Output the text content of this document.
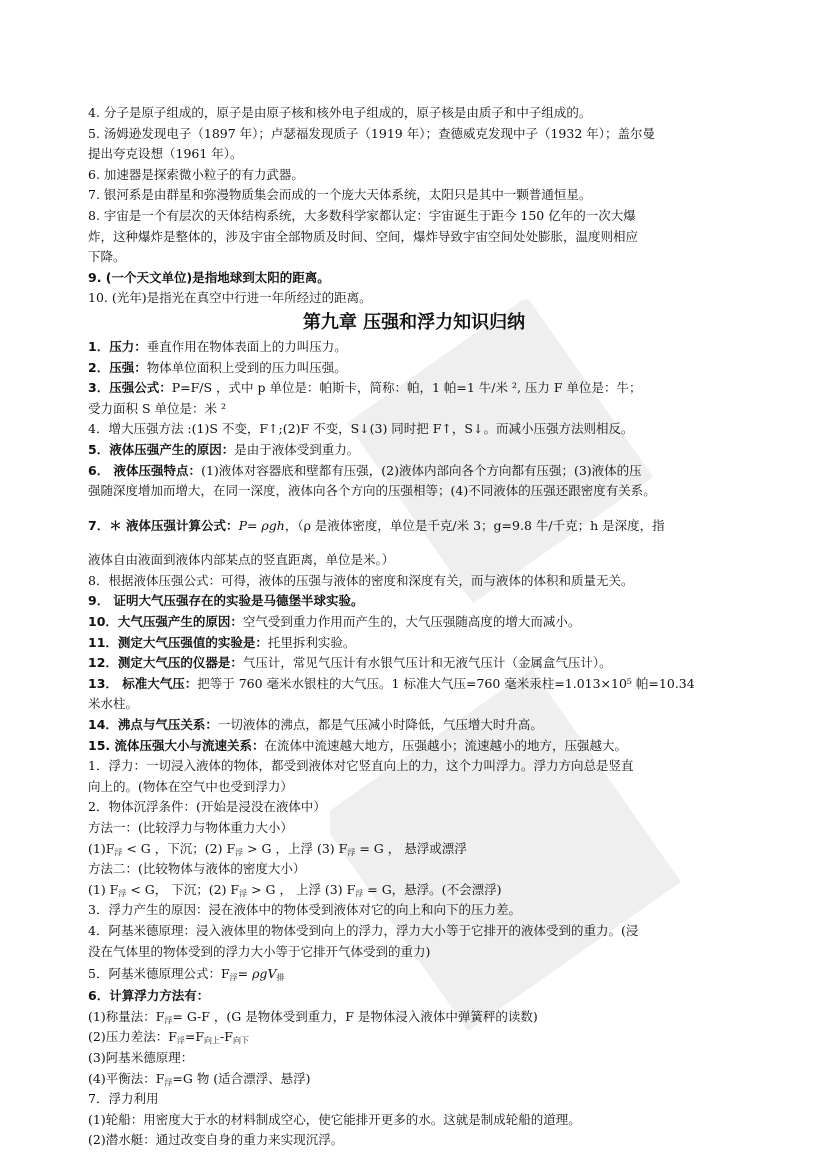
4. 分子是原子组成的，原子是由原子核和核外电子组成的，原子核是由质子和中子组成的。
5. 汤姆逊发现电子（1897 年）；卢瑟福发现质子（1919 年）；查德威克发现中子（1932 年）；盖尔曼
提出夸克设想（1961 年）。
6. 加速器是探索微小粒子的有力武器。
7. 银河系是由群星和弥漫物质集会而成的一个庞大天体系统，太阳只是其中一颗普通恒星。
8. 宇宙是一个有层次的天体结构系统，大多数科学家都认定：宇宙诞生于距今 150 亿年的一次大爆
炸，这种爆炸是整体的，涉及宇宙全部物质及时间、空间，爆炸导致宇宙空间处处膨胀，温度则相应
下降。
9. (一个天文单位)是指地球到太阳的距离。
10. (光年)是指光在真空中行进一年所经过的距离。
第九章 压强和浮力知识归纳
1．压力：垂直作用在物体表面上的力叫压力。
2．压强：物体单位面积上受到的压力叫压强。
3．压强公式：P=F/S ，式中 p 单位是：帕斯卡，简称：帕，1 帕=1 牛/米 ², 压力 F 单位是：牛；
受力面积 S 单位是：米 ²
4．增大压强方法 :(1)S 不变，F↑;(2)F 不变，S↓(3) 同时把 F↑，S↓。而减小压强方法则相反。
5．液体压强产生的原因：是由于液体受到重力。
6． 液体压强特点：(1)液体对容器底和壁都有压强，(2)液体内部向各个方向都有压强；(3)液体的压
强随深度增加而增大，在同一深度，液体向各个方向的压强相等；(4)不同液体的压强还跟密度有关系。
7．＊ 液体压强计算公式：P= ρgh，（ρ 是液体密度，单位是千克/米 3；g=9.8 牛/千克；h 是深度，指
液体自由液面到液体内部某点的竖直距离，单位是米。）
8．根据液体压强公式：可得，液体的压强与液体的密度和深度有关，而与液体的体积和质量无关。
9． 证明大气压强存在的实验是马德堡半球实验。
10．大气压强产生的原因：空气受到重力作用而产生的，大气压强随高度的增大而减小。
11．测定大气压强值的实验是：托里拆利实验。
12．测定大气压的仪器是：气压计，常见气压计有水银气压计和无液气压计（金属盒气压计）。
13． 标准大气压：把等于 760 毫米水银柱的大气压。1 标准大气压=760 毫米汞柱=1.013×10⁵ 帕=10.34
米水柱。
14．沸点与气压关系：一切液体的沸点，都是气压减小时降低，气压增大时升高。
15. 流体压强大小与流速关系：在流体中流速越大地方，压强越小；流速越小的地方，压强越大。
1．浮力：一切浸入液体的物体，都受到液体对它竖直向上的力，这个力叫浮力。浮力方向总是竖直
向上的。(物体在空气中也受到浮力）
2．物体沉浮条件：(开始是浸没在液体中）
方法一：(比较浮力与物体重力大小）
$(1)F_浮 < G$ ，下沉；(2) $F_浮 > G$ ，上浮 (3) $F_浮 = G$ ， 悬浮或漂浮
方法二：(比较物体与液体的密度大小）
(1) $F_浮 < G$， 下沉；(2) $F_浮 > G$ ， 上浮 (3) $F_浮 = G$，悬浮。(不会漂浮)
3．浮力产生的原因：浸在液体中的物体受到液体对它的向上和向下的压力差。
4．阿基米德原理：浸入液体里的物体受到向上的浮力，浮力大小等于它排开的液体受到的重力。(浸
没在气体里的物体受到的浮力大小等于它排开气体受到的重力)
5．阿基米德原理公式：$F_浮= \rho gV_排$
6．计算浮力方法有：
(1)称量法：$F_浮= G-F$ ，(G 是物体受到重力，F 是物体浸入液体中弹簧秤的读数)
(2)压力差法：$F_浮=F_{向上}-F_{向下}$
(3)阿基米德原理：
(4)平衡法：$F_浮=G$ 物 (适合漂浮、悬浮)
7．浮力利用
(1)轮船：用密度大于水的材料制成空心，使它能排开更多的水。这就是制成轮船的道理。
(2)潜水艇：通过改变自身的重力来实现沉浮。
